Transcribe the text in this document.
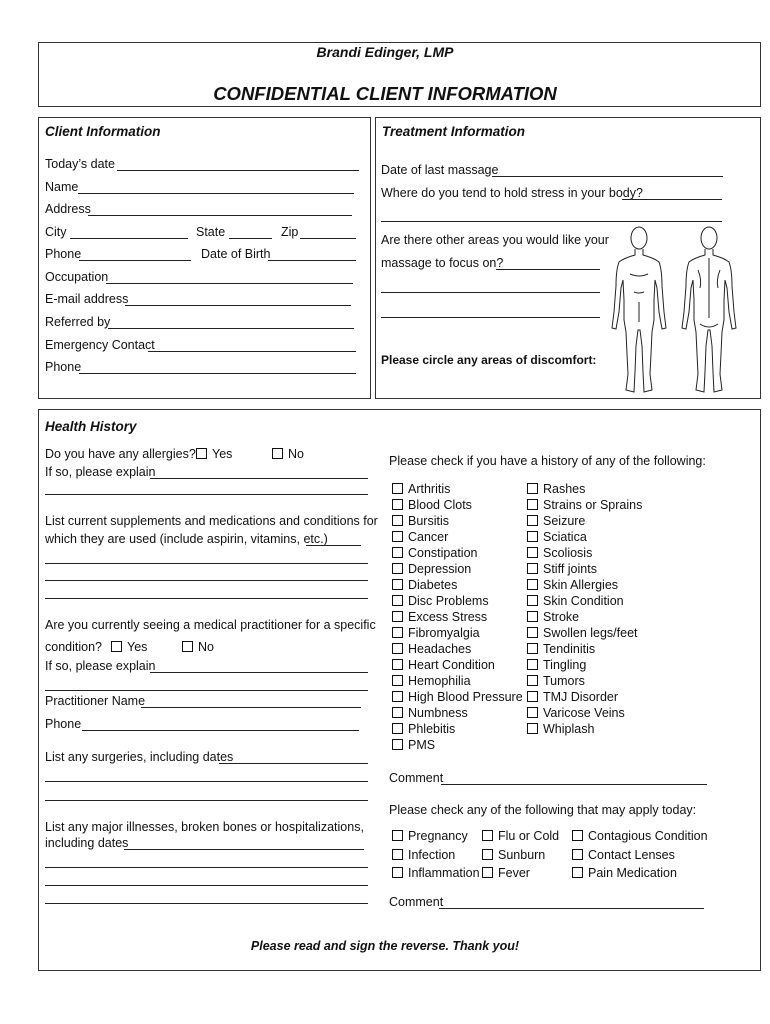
Brandi Edinger, LMP
CONFIDENTIAL CLIENT INFORMATION
Client Information
Today’s date
Name
Address
City	State	Zip
Phone	Date of Birth
Occupation
E-mail address
Referred by
Emergency Contact
Phone
Treatment Information
Date of last massage
Where do you tend to hold stress in your body?
Are there other areas you would like your
massage to focus on?
Please circle any areas of discomfort:
Health History
Do you have any allergies?	Yes	No
If so, please explain
List current supplements and medications and conditions for
which they are used (include aspirin, vitamins, etc.)
Are you currently seeing a medical practitioner for a specific
condition?	Yes	No
If so, please explain
Practitioner Name
Phone
List any surgeries, including dates
List any major illnesses, broken bones or hospitalizations,
including dates
Please check if you have a history of any of the following:
Arthritis
Blood Clots
Bursitis
Cancer
Constipation
Depression
Diabetes
Disc Problems
Excess Stress
Fibromyalgia
Headaches
Heart Condition
Hemophilia
High Blood Pressure
Numbness
Phlebitis
PMS
Rashes
Strains or Sprains
Seizure
Sciatica
Scoliosis
Stiff joints
Skin Allergies
Skin Condition
Stroke
Swollen legs/feet
Tendinitis
Tingling
Tumors
TMJ Disorder
Varicose Veins
Whiplash
Comment
Please check any of the following that may apply today:
Pregnancy
Infection
Inflammation
Flu or Cold
Sunburn
Fever
Contagious Condition
Contact Lenses
Pain Medication
Comment
Please read and sign the reverse. Thank you!
